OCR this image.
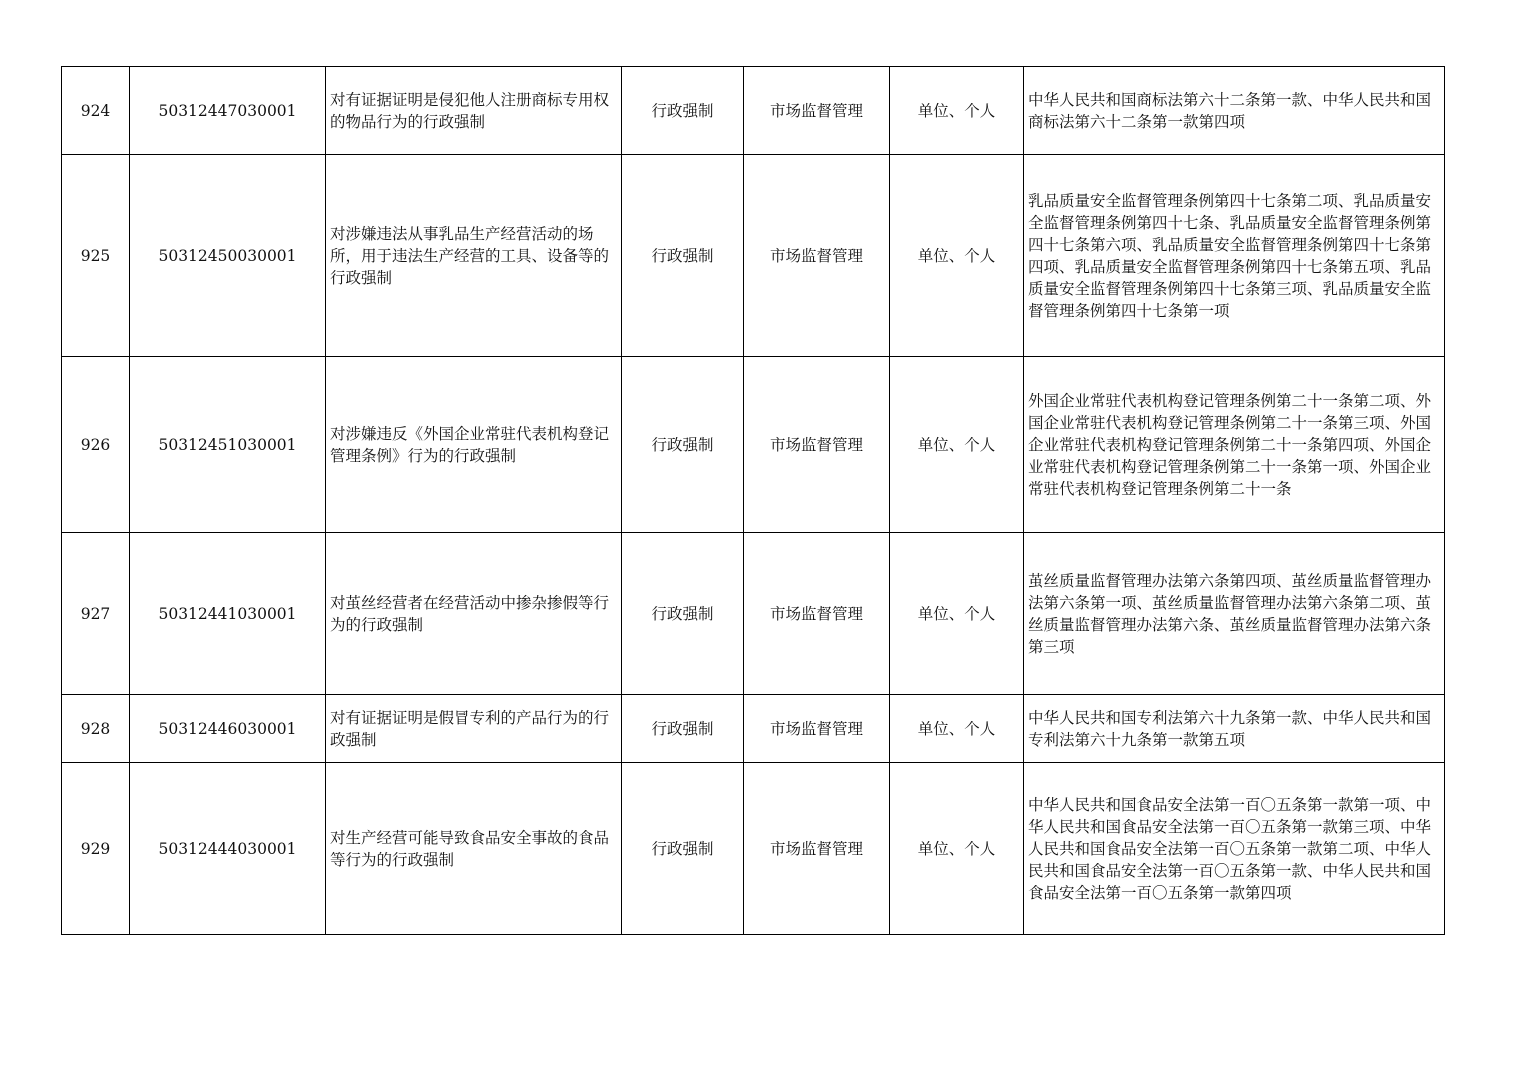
924	50312447030001	对有证据证明是侵犯他人注册商标专用权的物品行为的行政强制	行政强制	市场监督管理	单位、个人	中华人民共和国商标法第六十二条第一款、中华人民共和国商标法第六十二条第一款第四项
925	50312450030001	对涉嫌违法从事乳品生产经营活动的场所，用于违法生产经营的工具、设备等的行政强制	行政强制	市场监督管理	单位、个人	乳品质量安全监督管理条例第四十七条第二项、乳品质量安全监督管理条例第四十七条、乳品质量安全监督管理条例第四十七条第六项、乳品质量安全监督管理条例第四十七条第四项、乳品质量安全监督管理条例第四十七条第五项、乳品质量安全监督管理条例第四十七条第三项、乳品质量安全监督管理条例第四十七条第一项
926	50312451030001	对涉嫌违反《外国企业常驻代表机构登记管理条例》行为的行政强制	行政强制	市场监督管理	单位、个人	外国企业常驻代表机构登记管理条例第二十一条第二项、外国企业常驻代表机构登记管理条例第二十一条第三项、外国企业常驻代表机构登记管理条例第二十一条第四项、外国企业常驻代表机构登记管理条例第二十一条第一项、外国企业常驻代表机构登记管理条例第二十一条
927	50312441030001	对茧丝经营者在经营活动中掺杂掺假等行为的行政强制	行政强制	市场监督管理	单位、个人	茧丝质量监督管理办法第六条第四项、茧丝质量监督管理办法第六条第一项、茧丝质量监督管理办法第六条第二项、茧丝质量监督管理办法第六条、茧丝质量监督管理办法第六条第三项
928	50312446030001	对有证据证明是假冒专利的产品行为的行政强制	行政强制	市场监督管理	单位、个人	中华人民共和国专利法第六十九条第一款、中华人民共和国专利法第六十九条第一款第五项
929	50312444030001	对生产经营可能导致食品安全事故的食品等行为的行政强制	行政强制	市场监督管理	单位、个人	中华人民共和国食品安全法第一百〇五条第一款第一项、中华人民共和国食品安全法第一百〇五条第一款第三项、中华人民共和国食品安全法第一百〇五条第一款第二项、中华人民共和国食品安全法第一百〇五条第一款、中华人民共和国食品安全法第一百〇五条第一款第四项
